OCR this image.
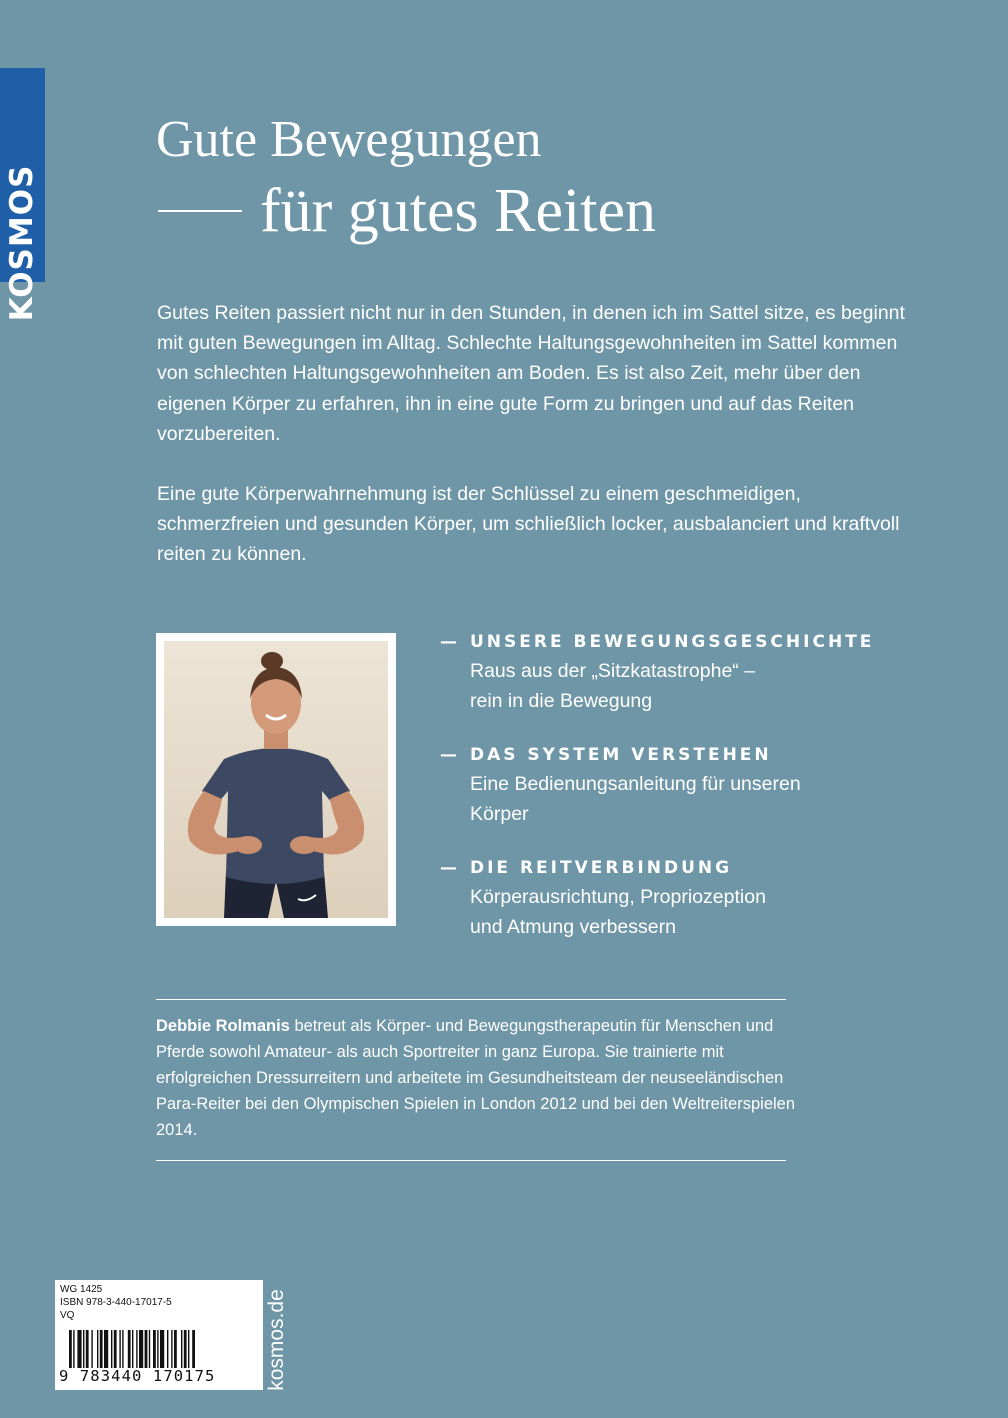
KOSMOS
Gute Bewegungen
für gutes Reiten

Gutes Reiten passiert nicht nur in den Stunden, in denen ich im Sattel sitze, es beginnt mit guten Bewegungen im Alltag. Schlechte Haltungsgewohnheiten im Sattel kommen von schlechten Haltungsgewohnheiten am Boden. Es ist also Zeit, mehr über den eigenen Körper zu erfahren, ihn in eine gute Form zu bringen und auf das Reiten vorzubereiten.

Eine gute Körperwahrnehmung ist der Schlüssel zu einem geschmeidigen, schmerzfreien und gesunden Körper, um schließlich locker, ausbalanciert und kraftvoll reiten zu können.

— UNSERE BEWEGUNGSGESCHICHTE
Raus aus der „Sitzkatastrophe“ –
rein in die Bewegung
— DAS SYSTEM VERSTEHEN
Eine Bedienungsanleitung für unseren
Körper
— DIE REITVERBINDUNG
Körperausrichtung, Propriozeption
und Atmung verbessern
Debbie Rolmanis betreut als Körper- und Bewegungstherapeutin für Menschen und Pferde sowohl Amateur- als auch Sportreiter in ganz Europa. Sie trainierte mit erfolgreichen Dressurreitern und arbeitete im Gesundheitsteam der neuseeländischen Para-Reiter bei den Olympischen Spielen in London 2012 und bei den Weltreiterspielen 2014.
WG 1425
ISBN 978-3-440-17017-5
VQ
9 783440 170175 kosmos.de
